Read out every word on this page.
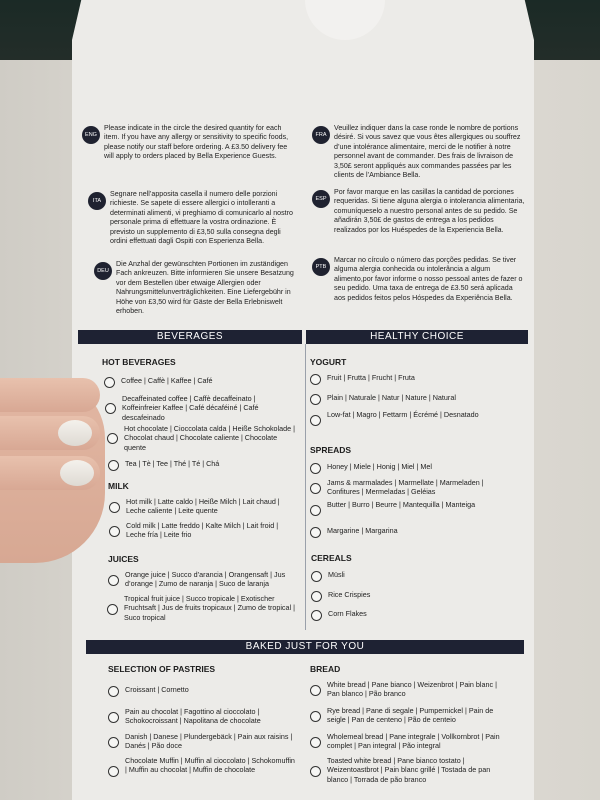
ENG
Please indicate in the circle the desired quantity for each item. If you have any allergy or sensitivity to specific foods, please notify our staff before ordering. A £3.50 delivery fee will apply to orders placed by Bella Experience Guests.
FRA
Veuillez indiquer dans la case ronde le nombre de portions désiré. Si vous savez que vous êtes allergiques ou souffrez d’une intolérance alimentaire, merci de le notifier à notre personnel avant de commander. Des frais de livraison de 3,50£ seront appliqués aux commandes passées par les clients de l’Ambiance Bella.
ITA
Segnare nell’apposita casella il numero delle porzioni richieste. Se sapete di essere allergici o intolleranti a determinati alimenti, vi preghiamo di comunicarlo al nostro personale prima di effettuare la vostra ordinazione. È previsto un supplemento di £3,50 sulla consegna degli ordini effettuati dagli Ospiti con Esperienza Bella.
ESP
Por favor marque en las casillas la cantidad de porciones requeridas. Si tiene alguna alergia o intolerancia alimentaria, comuníqueselo a nuestro personal antes de su pedido. Se añadirán 3,50£ de gastos de entrega a los pedidos realizados por los Huéspedes de la Experiencia Bella.
DEU
Die Anzhal der gewünschten Portionen im zuständigen Fach ankreuzen. Bitte informieren Sie unsere Besatzung vor dem Bestellen über etwaige Allergien oder Nahrungsmittelunverträglichkeiten. Eine Liefergebühr in Höhe von £3,50 wird für Gäste der Bella Erlebniswelt erhoben.
PTB
Marcar no círculo o número das porções pedidas. Se tiver alguma alergia conhecida ou intolerância a algum alimento,por favor informe o nosso pessoal antes de fazer o seu pedido. Uma taxa de entrega de £3.50 será aplicada aos pedidos feitos pelos Hóspedes da Experiência Bella.
BEVERAGES	HEALTHY CHOICE
BAKED JUST FOR YOU
HOT BEVERAGES
Coffee | Caffè | Kaffee | Café
Decaffeinated coffee | Caffè decaffeinato | Koffeinfreier Kaffee | Café décaféiné | Café descafeinado
Hot chocolate | Cioccolata calda | Heiße Schokolade | Chocolat chaud | Chocolate caliente | Chocolate quente
Tea | Tè | Tee | Thé | Té | Chá
MILK
Hot milk | Latte caldo | Heiße Milch | Lait chaud | Leche caliente | Leite quente
Cold milk | Latte freddo | Kalte Milch | Lait froid | Leche fría | Leite frio
JUICES
Orange juice | Succo d’arancia | Orangensaft | Jus d’orange | Zumo de naranja | Suco de laranja
Tropical fruit juice | Succo tropicale | Exotischer Fruchtsaft | Jus de fruits tropicaux | Zumo de tropical | Suco tropical
YOGURT
Fruit | Frutta | Frucht | Fruta
Plain | Naturale | Natur | Nature | Natural
Low-fat | Magro | Fettarm | Écrémé | Desnatado
SPREADS
Honey | Miele | Honig | Miel | Mel
Jams & marmalades | Marmellate | Marmeladen | Confitures | Mermeladas | Geléias
Butter | Burro | Beurre | Mantequilla | Manteiga
Margarine | Margarina
CEREALS
Müsli
Rice Crispies
Corn Flakes
SELECTION OF PASTRIES
Croissant | Cornetto
Pain au chocolat | Fagottino al cioccolato | Schokocroissant | Napolitana de chocolate
Danish | Danese | Plundergebäck | Pain aux raisins | Danés | Pão doce
Chocolate Muffin | Muffin al cioccolato | Schokomuffin | Muffin au chocolat | Muffin de chocolate
BREAD
White bread | Pane bianco | Weizenbrot | Pain blanc | Pan blanco | Pão branco
Rye bread | Pane di segale | Pumpernickel | Pain de seigle | Pan de centeno | Pão de centeio
Wholemeal bread | Pane integrale | Vollkornbrot | Pain complet | Pan integral | Pão integral
Toasted white bread | Pane bianco tostato | Weizentoastbrot | Pain blanc grillé | Tostada de pan blanco | Torrada de pão branco
